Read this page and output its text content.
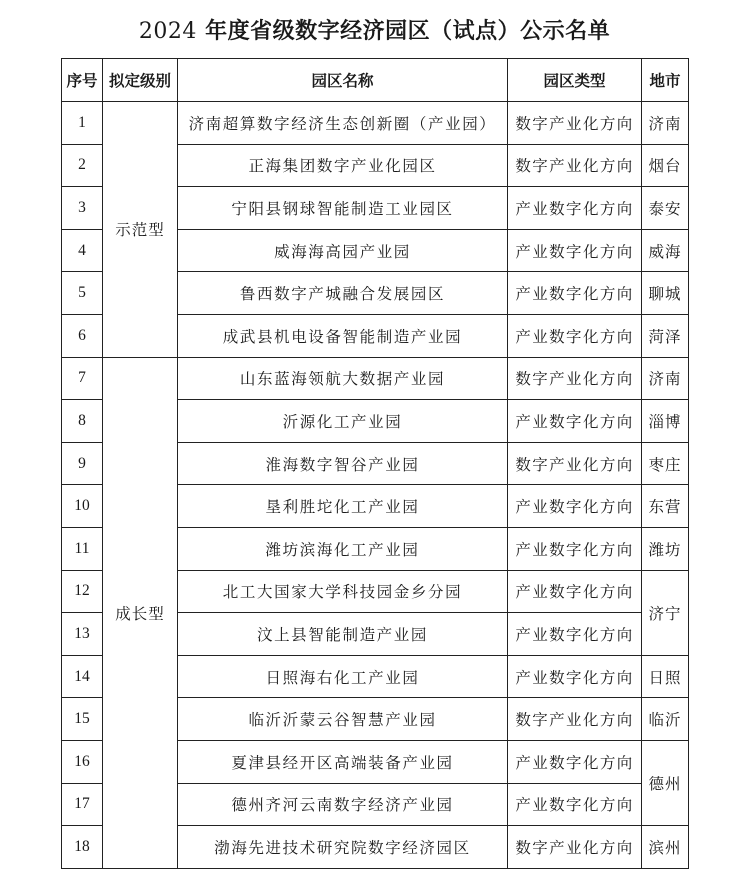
2024 年度省级数字经济园区（试点）公示名单
序号	拟定级别	园区名称	园区类型	地市
1	示范型	济南超算数字经济生态创新圈（产业园）	数字产业化方向	济南
2		正海集团数字产业化园区	数字产业化方向	烟台
3		宁阳县钢球智能制造工业园区	产业数字化方向	泰安
4		威海海高园产业园	产业数字化方向	威海
5		鲁西数字产城融合发展园区	产业数字化方向	聊城
6		成武县机电设备智能制造产业园	产业数字化方向	菏泽
7	成长型	山东蓝海领航大数据产业园	数字产业化方向	济南
8		沂源化工产业园	产业数字化方向	淄博
9		淮海数字智谷产业园	数字产业化方向	枣庄
10		垦利胜坨化工产业园	产业数字化方向	东营
11		潍坊滨海化工产业园	产业数字化方向	潍坊
12		北工大国家大学科技园金乡分园	产业数字化方向	济宁
13		汶上县智能制造产业园	产业数字化方向	
14		日照海右化工产业园	产业数字化方向	日照
15		临沂沂蒙云谷智慧产业园	数字产业化方向	临沂
16		夏津县经开区高端装备产业园	产业数字化方向	德州
17		德州齐河云南数字经济产业园	产业数字化方向	
18		渤海先进技术研究院数字经济园区	数字产业化方向	滨州
